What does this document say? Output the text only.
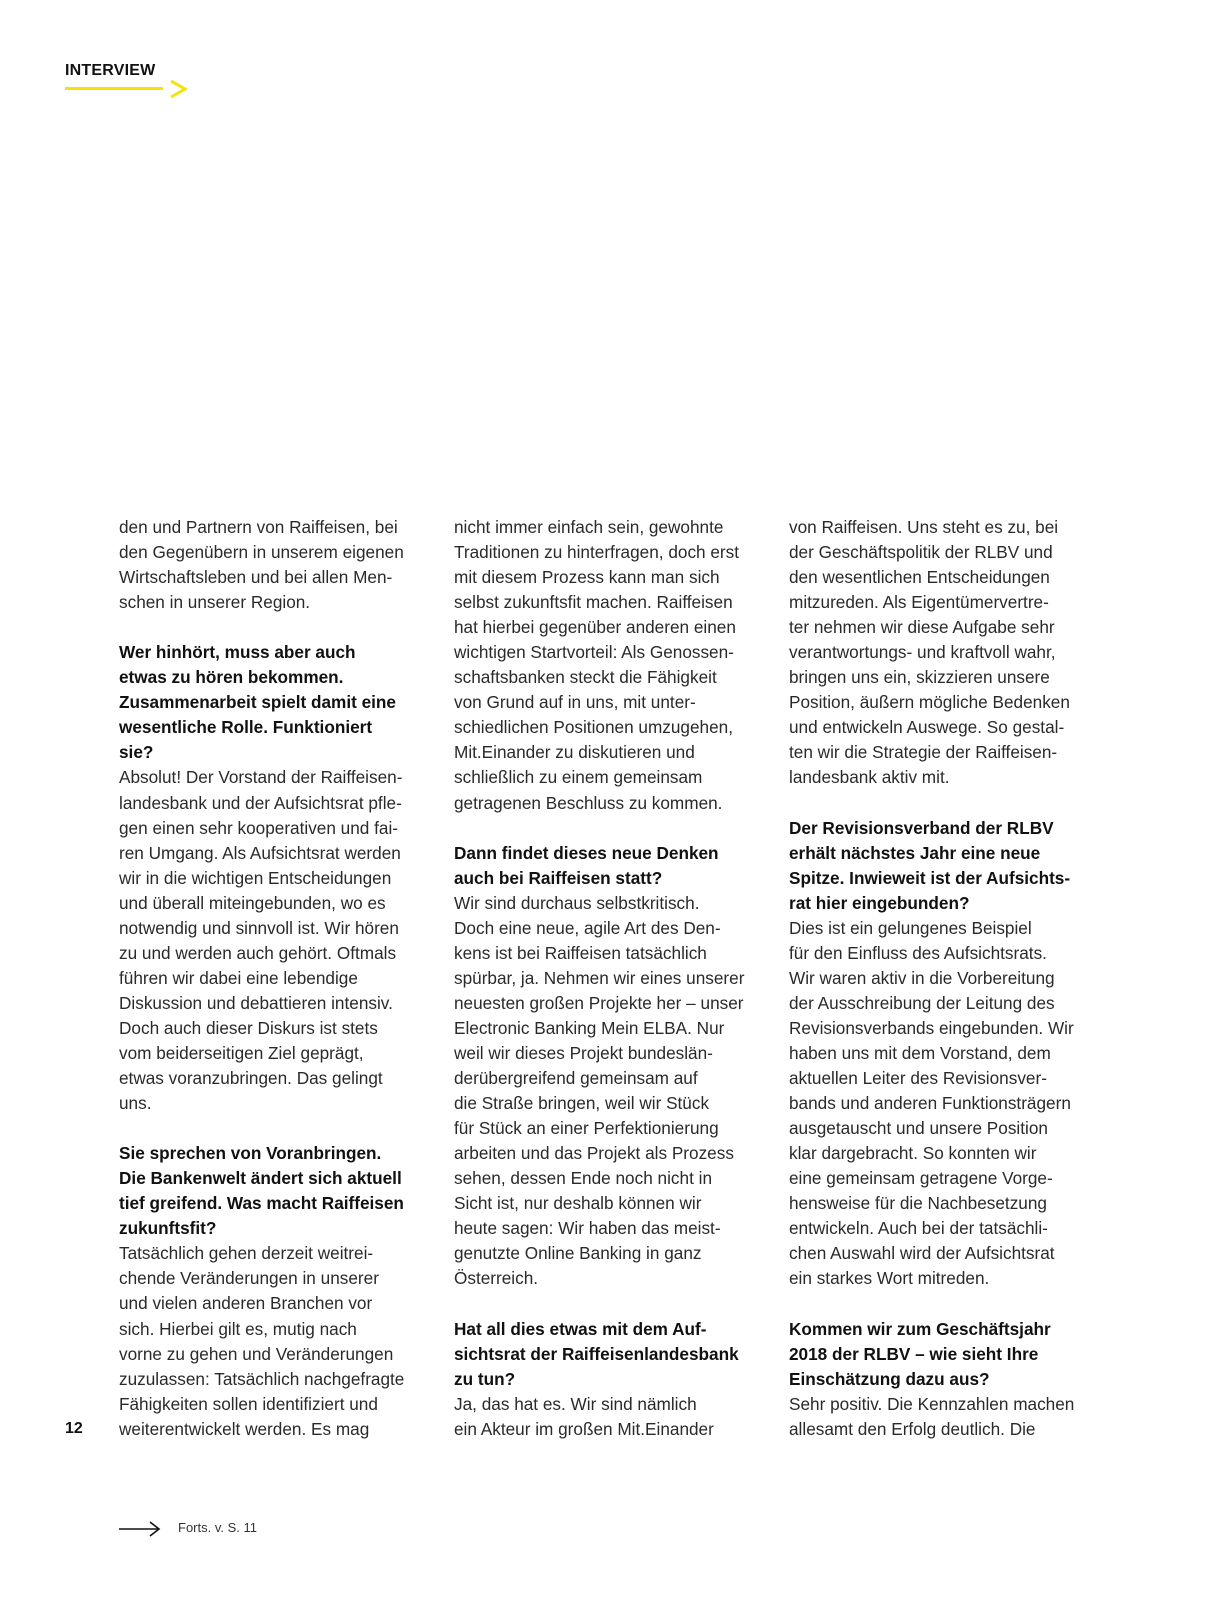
INTERVIEW
den und Partnern von Raiffeisen, bei
den Gegenübern in unserem eigenen
Wirtschaftsleben und bei allen Men-
schen in unserer Region.
Wer hinhört, muss aber auch
etwas zu hören bekommen.
Zusammenarbeit spielt damit eine
wesentliche Rolle. Funktioniert
sie?
Absolut! Der Vorstand der Raiffeisen-
landesbank und der Aufsichtsrat pfle-
gen einen sehr kooperativen und fai-
ren Umgang. Als Aufsichtsrat werden
wir in die wichtigen Entscheidungen
und überall miteingebunden, wo es
notwendig und sinnvoll ist. Wir hören
zu und werden auch gehört. Oftmals
führen wir dabei eine lebendige
Diskussion und debattieren intensiv.
Doch auch dieser Diskurs ist stets
vom beiderseitigen Ziel geprägt,
etwas voranzubringen. Das gelingt
uns.
Sie sprechen von Voranbringen.
Die Bankenwelt ändert sich aktuell
tief greifend. Was macht Raiffeisen
zukunftsfit?
Tatsächlich gehen derzeit weitrei-
chende Veränderungen in unserer
und vielen anderen Branchen vor
sich. Hierbei gilt es, mutig nach
vorne zu gehen und Veränderungen
zuzulassen: Tatsächlich nachgefragte
Fähigkeiten sollen identifiziert und
weiterentwickelt werden. Es mag
nicht immer einfach sein, gewohnte
Traditionen zu hinterfragen, doch erst
mit diesem Prozess kann man sich
selbst zukunftsfit machen. Raiffeisen
hat hierbei gegenüber anderen einen
wichtigen Startvorteil: Als Genossen-
schaftsbanken steckt die Fähigkeit
von Grund auf in uns, mit unter-
schiedlichen Positionen umzugehen,
Mit.Einander zu diskutieren und
schließlich zu einem gemeinsam
getragenen Beschluss zu kommen.
Dann findet dieses neue Denken
auch bei Raiffeisen statt?
Wir sind durchaus selbstkritisch.
Doch eine neue, agile Art des Den-
kens ist bei Raiffeisen tatsächlich
spürbar, ja. Nehmen wir eines unserer
neuesten großen Projekte her – unser
Electronic Banking Mein ELBA. Nur
weil wir dieses Projekt bundeslän-
derübergreifend gemeinsam auf
die Straße bringen, weil wir Stück
für Stück an einer Perfektionierung
arbeiten und das Projekt als Prozess
sehen, dessen Ende noch nicht in
Sicht ist, nur deshalb können wir
heute sagen: Wir haben das meist-
genutzte Online Banking in ganz
Österreich.
Hat all dies etwas mit dem Auf-
sichtsrat der Raiffeisenlandesbank
zu tun?
Ja, das hat es. Wir sind nämlich
ein Akteur im großen Mit.Einander
von Raiffeisen. Uns steht es zu, bei
der Geschäftspolitik der RLBV und
den wesentlichen Entscheidungen
mitzureden. Als Eigentümervertre-
ter nehmen wir diese Aufgabe sehr
verantwortungs- und kraftvoll wahr,
bringen uns ein, skizzieren unsere
Position, äußern mögliche Bedenken
und entwickeln Auswege. So gestal-
ten wir die Strategie der Raiffeisen-
landesbank aktiv mit.
Der Revisionsverband der RLBV
erhält nächstes Jahr eine neue
Spitze. Inwieweit ist der Aufsichts-
rat hier eingebunden?
Dies ist ein gelungenes Beispiel
für den Einfluss des Aufsichtsrats.
Wir waren aktiv in die Vorbereitung
der Ausschreibung der Leitung des
Revisionsverbands eingebunden. Wir
haben uns mit dem Vorstand, dem
aktuellen Leiter des Revisionsver-
bands und anderen Funktionsträgern
ausgetauscht und unsere Position
klar dargebracht. So konnten wir
eine gemeinsam getragene Vorge-
hensweise für die Nachbesetzung
entwickeln. Auch bei der tatsächli-
chen Auswahl wird der Aufsichtsrat
ein starkes Wort mitreden.
Kommen wir zum Geschäftsjahr
2018 der RLBV – wie sieht Ihre
Einschätzung dazu aus?
Sehr positiv. Die Kennzahlen machen
allesamt den Erfolg deutlich. Die
12
Forts. v. S. 11
